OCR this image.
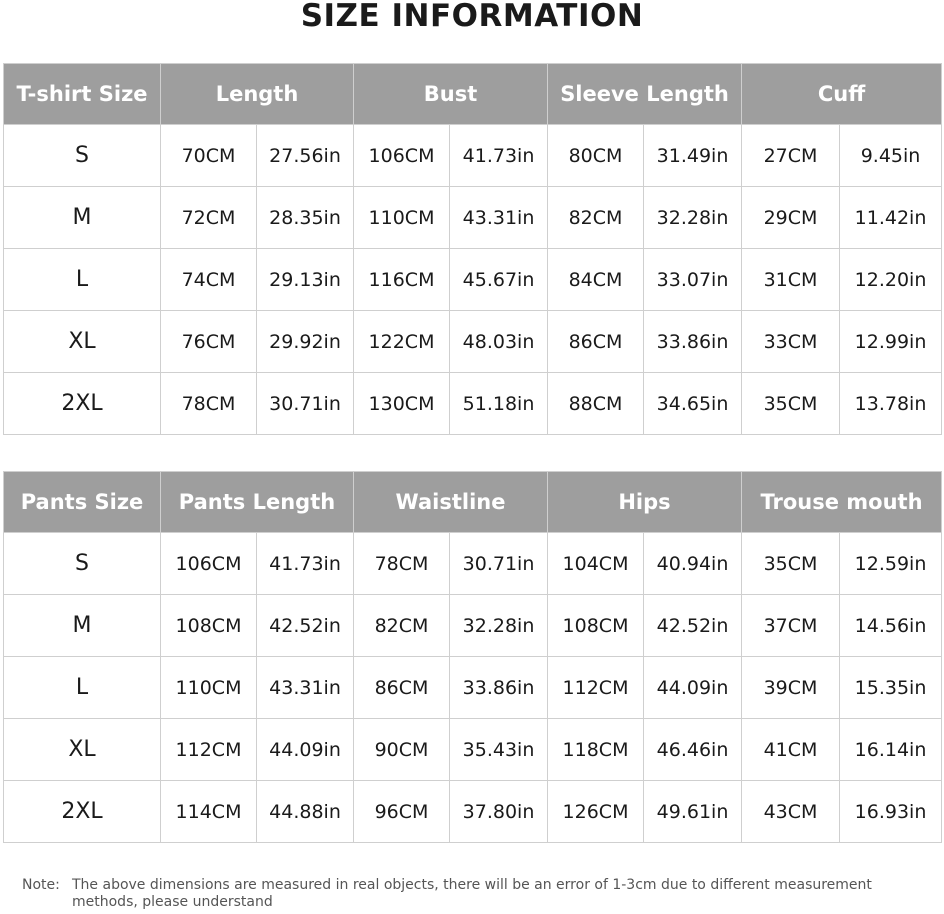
SIZE INFORMATION
T-shirt Size	Length		Bust		Sleeve Length		Cuff	
S	70CM	27.56in	106CM	41.73in	80CM	31.49in	27CM	9.45in
M	72CM	28.35in	110CM	43.31in	82CM	32.28in	29CM	11.42in
L	74CM	29.13in	116CM	45.67in	84CM	33.07in	31CM	12.20in
XL	76CM	29.92in	122CM	48.03in	86CM	33.86in	33CM	12.99in
2XL	78CM	30.71in	130CM	51.18in	88CM	34.65in	35CM	13.78in
Pants Size	Pants Length		Waistline		Hips		Trouse mouth	
S	106CM	41.73in	78CM	30.71in	104CM	40.94in	35CM	12.59in
M	108CM	42.52in	82CM	32.28in	108CM	42.52in	37CM	14.56in
L	110CM	43.31in	86CM	33.86in	112CM	44.09in	39CM	15.35in
XL	112CM	44.09in	90CM	35.43in	118CM	46.46in	41CM	16.14in
2XL	114CM	44.88in	96CM	37.80in	126CM	49.61in	43CM	16.93in
Note: The above dimensions are measured in real objects, there will be an error of 1-3cm due to different measurement methods, please understand
